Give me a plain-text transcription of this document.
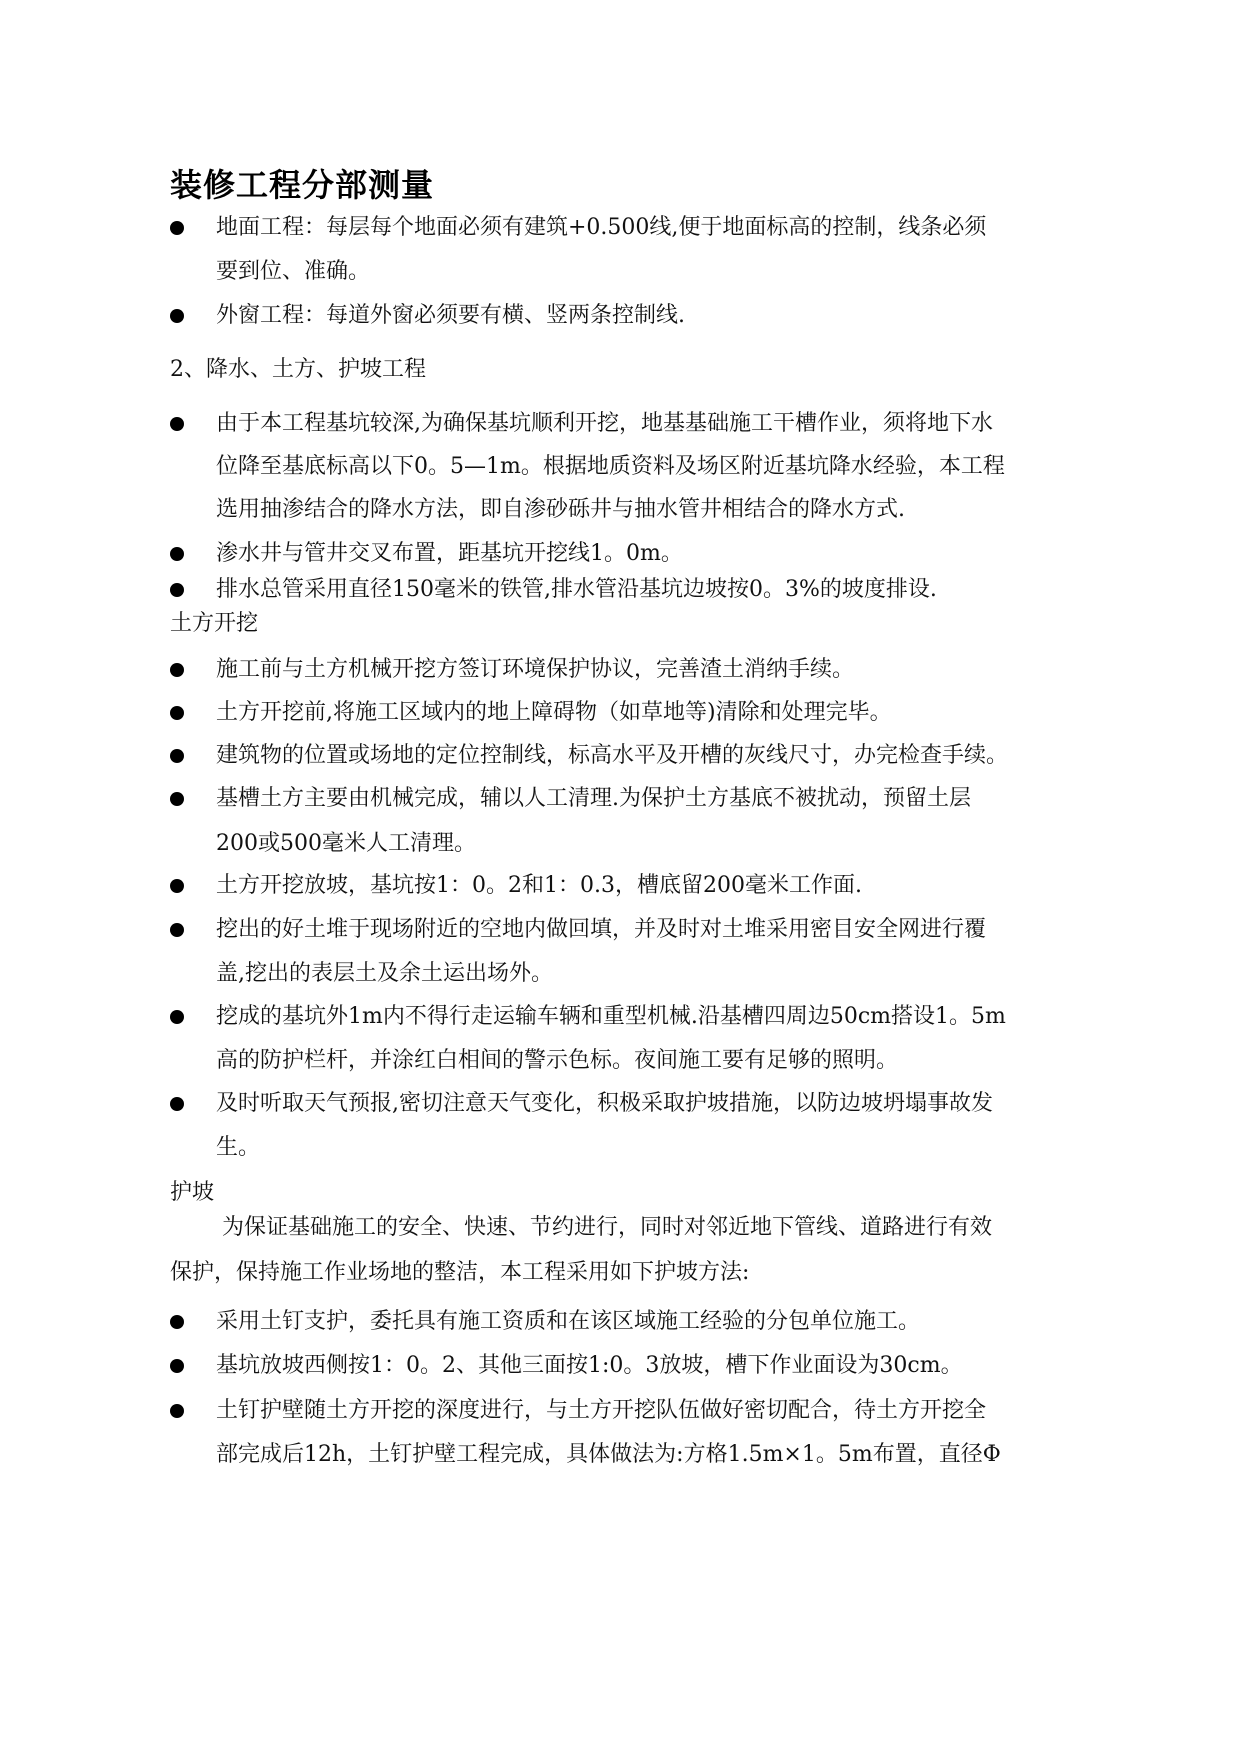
装修工程分部测量
地面工程：每层每个地面必须有建筑+0.500线,便于地面标高的控制，线条必须
要到位、准确。
外窗工程：每道外窗必须要有横、竖两条控制线.
2、降水、土方、护坡工程
由于本工程基坑较深,为确保基坑顺利开挖，地基基础施工干槽作业，须将地下水
位降至基底标高以下0。5—1m。根据地质资料及场区附近基坑降水经验，本工程
选用抽渗结合的降水方法，即自渗砂砾井与抽水管井相结合的降水方式.
渗水井与管井交叉布置，距基坑开挖线1。0m。
排水总管采用直径150毫米的铁管,排水管沿基坑边坡按0。3%的坡度排设.
土方开挖
施工前与土方机械开挖方签订环境保护协议，完善渣土消纳手续。
土方开挖前,将施工区域内的地上障碍物（如草地等)清除和处理完毕。
建筑物的位置或场地的定位控制线，标高水平及开槽的灰线尺寸，办完检查手续。
基槽土方主要由机械完成，辅以人工清理.为保护土方基底不被扰动，预留土层
200或500毫米人工清理。
土方开挖放坡，基坑按1：0。2和1：0.3，槽底留200毫米工作面.
挖出的好土堆于现场附近的空地内做回填，并及时对土堆采用密目安全网进行覆
盖,挖出的表层土及余土运出场外。
挖成的基坑外1m内不得行走运输车辆和重型机械.沿基槽四周边50cm搭设1。5m
高的防护栏杆，并涂红白相间的警示色标。夜间施工要有足够的照明。
及时听取天气预报,密切注意天气变化，积极采取护坡措施，以防边坡坍塌事故发
生。
护坡
为保证基础施工的安全、快速、节约进行，同时对邻近地下管线、道路进行有效
保护，保持施工作业场地的整洁，本工程采用如下护坡方法:
采用土钉支护，委托具有施工资质和在该区域施工经验的分包单位施工。
基坑放坡西侧按1：0。2、其他三面按1:0。3放坡，槽下作业面设为30cm。
土钉护壁随土方开挖的深度进行，与土方开挖队伍做好密切配合，待土方开挖全
部完成后12h，土钉护壁工程完成，具体做法为:方格1.5m×1。5m布置，直径Φ
